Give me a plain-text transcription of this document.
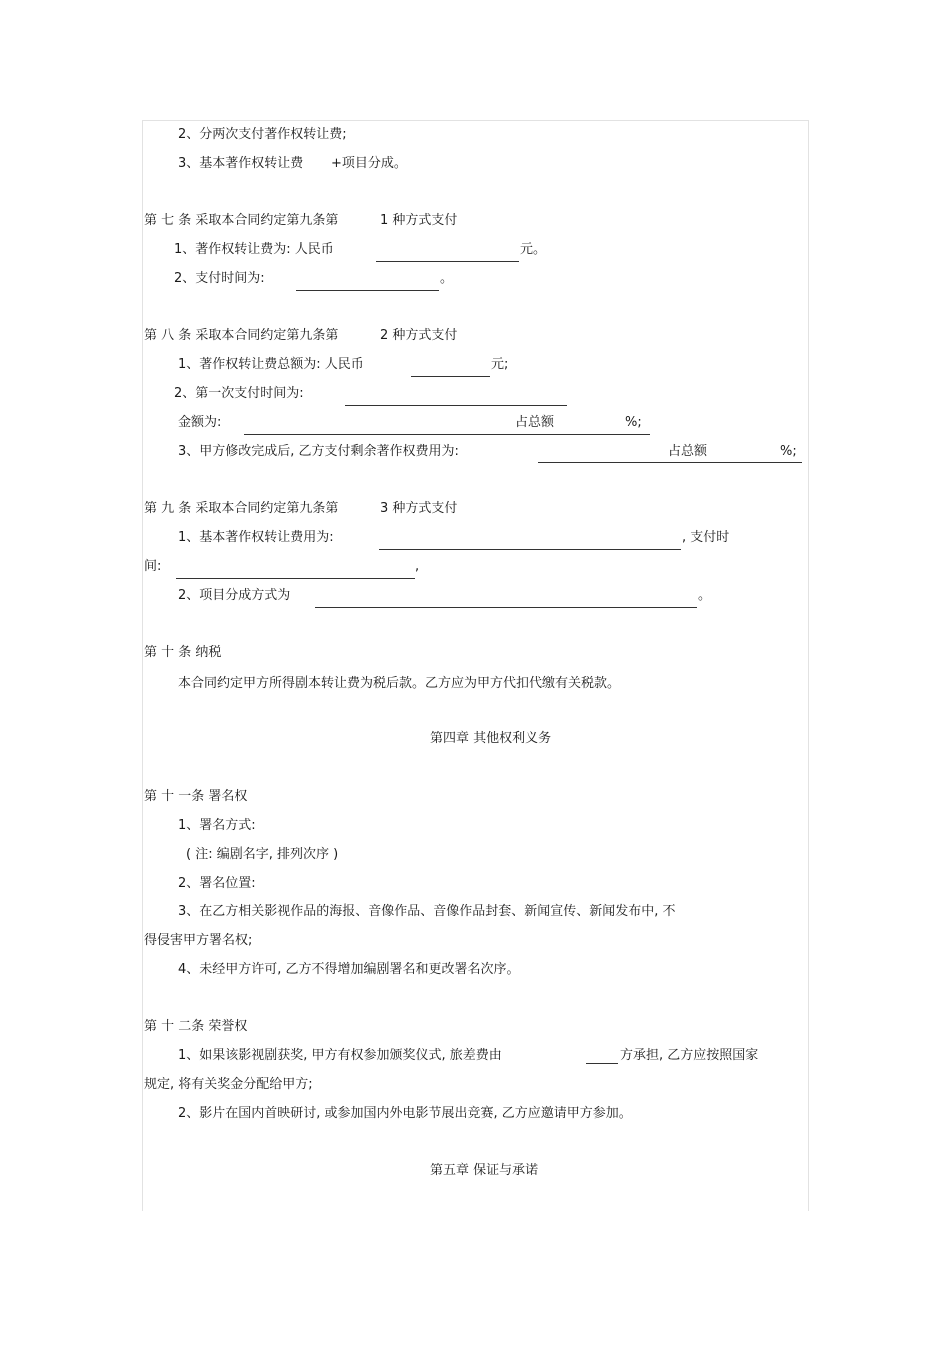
2、分两次支付著作权转让费;
3、基本著作权转让费 +项目分成。
第 七 条 采取本合同约定第九条第	1 种方式支付
1、著作权转让费为: 人民币	元。
2、支付时间为:	。
第 八 条 采取本合同约定第九条第	2 种方式支付
1、著作权转让费总额为: 人民币	元;
2、第一次支付时间为:
金额为:	占总额	%;
3、甲方修改完成后, 乙方支付剩余著作权费用为:	占总额	%;
第 九 条 采取本合同约定第九条第	3 种方式支付
1、基本著作权转让费用为:	, 支付时
间:	,
2、项目分成方式为	。
第 十 条 纳税
本合同约定甲方所得剧本转让费为税后款。乙方应为甲方代扣代缴有关税款。
第四章 其他权利义务
第 十 一条 署名权
1、署名方式:
( 注: 编剧名字, 排列次序 )
2、署名位置:
3、在乙方相关影视作品的海报、音像作品、音像作品封套、新闻宣传、新闻发布中, 不
得侵害甲方署名权;
4、未经甲方许可, 乙方不得增加编剧署名和更改署名次序。
第 十 二条 荣誉权
1、如果该影视剧获奖, 甲方有权参加颁奖仪式, 旅差费由	方承担, 乙方应按照国家
规定, 将有关奖金分配给甲方;
2、影片在国内首映研讨, 或参加国内外电影节展出竞赛, 乙方应邀请甲方参加。
第五章 保证与承诺
